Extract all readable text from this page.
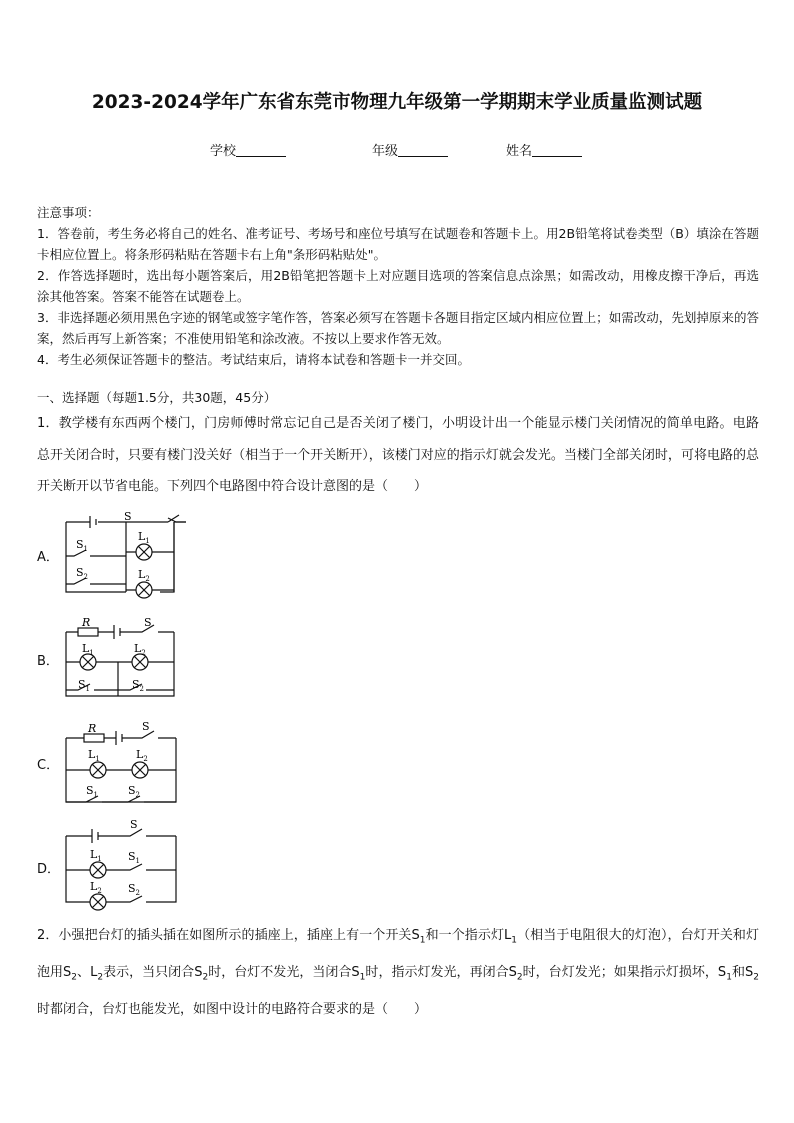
2023-2024学年广东省东莞市物理九年级第一学期期末学业质量监测试题
学校	年级	姓名

注意事项：

1．答卷前，考生务必将自己的姓名、准考证号、考场号和座位号填写在试题卷和答题卡上。用2B铅笔将试卷类型（B）填涂在答题卡相应位置上。将条形码粘贴在答题卡右上角"条形码粘贴处"。

2．作答选择题时，选出每小题答案后，用2B铅笔把答题卡上对应题目选项的答案信息点涂黑；如需改动，用橡皮擦干净后，再选涂其他答案。答案不能答在试题卷上。

3．非选择题必须用黑色字迹的钢笔或签字笔作答，答案必须写在答题卡各题目指定区域内相应位置上；如需改动，先划掉原来的答案，然后再写上新答案；不准使用铅笔和涂改液。不按以上要求作答无效。

4．考生必须保证答题卡的整洁。考试结束后，请将本试卷和答题卡一并交回。

一、选择题（每题1.5分，共30题，45分）
1．教学楼有东西两个楼门，门房师傅时常忘记自己是否关闭了楼门，小明设计出一个能显示楼门关闭情况的简单电路。电路总开关闭合时，只要有楼门没关好（相当于一个开关断开），该楼门对应的指示灯就会发光。当楼门全部关闭时，可将电路的总开关断开以节省电能。下列四个电路图中符合设计意图的是（　　）
A．
B．
C．
D．
S
$S_1$
$S_2$
$L_1$
$L_2$
R	S
$L_1$	$L_2$
$S_1$	$S_2$
R	S
$L_1$	$L_2$
$S_1$	$S_2$
S
$L_1$ $S_1$
$L_2$ $S_2$
2．小强把台灯的插头插在如图所示的插座上，插座上有一个开关$S_1$和一个指示灯$L_1$（相当于电阻很大的灯泡），台灯开关和灯泡用$S_2$、$L_2$表示，当只闭合$S_2$时，台灯不发光，当闭合$S_1$时，指示灯发光，再闭合$S_2$时，台灯发光；如果指示灯损坏，$S_1$和$S_2$时都闭合，台灯也能发光，如图中设计的电路符合要求的是（　　）
